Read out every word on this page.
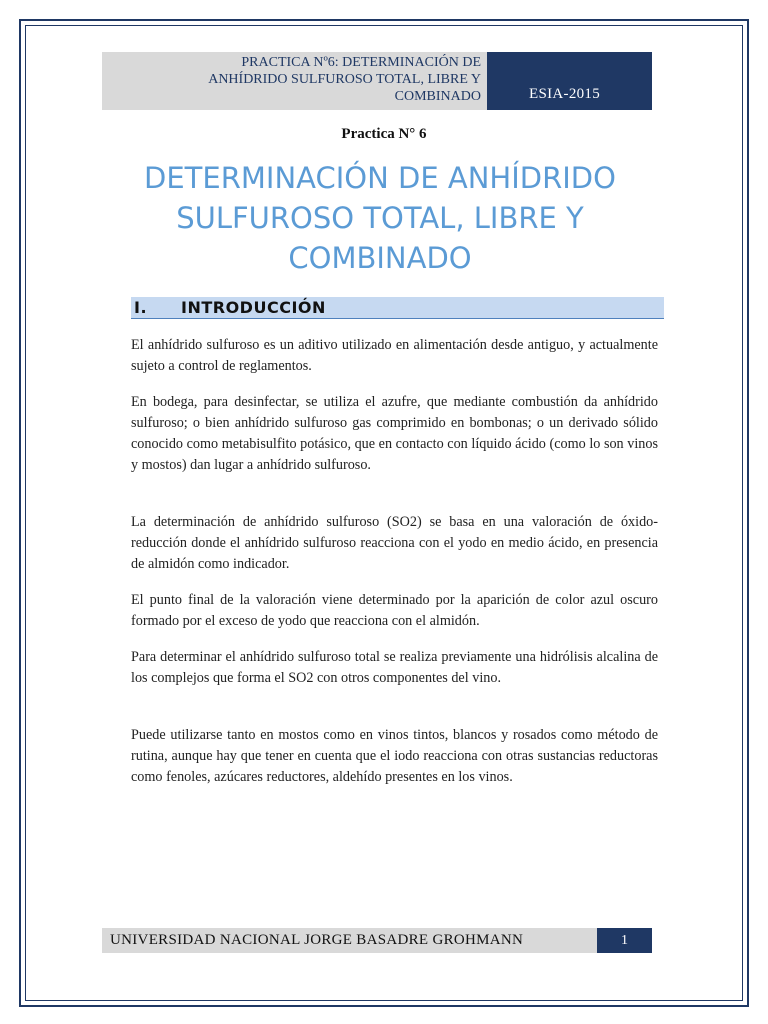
PRACTICA Nº6: DETERMINACIÓN DE
ANHÍDRIDO SULFUROSO TOTAL, LIBRE Y
COMBINADO	ESIA-2015
Practica N° 6
DETERMINACIÓN DE ANHÍDRIDO
SULFUROSO TOTAL, LIBRE Y
COMBINADO
I. INTRODUCCIÓN

El anhídrido sulfuroso es un aditivo utilizado en alimentación desde antiguo, y actualmente sujeto a control de reglamentos.

En bodega, para desinfectar, se utiliza el azufre, que mediante combustión da anhídrido sulfuroso; o bien anhídrido sulfuroso gas comprimido en bombonas; o un derivado sólido conocido como metabisulfito potásico, que en contacto con líquido ácido (como lo son vinos y mostos) dan lugar a anhídrido sulfuroso.

La determinación de anhídrido sulfuroso (SO2) se basa en una valoración de óxido-reducción donde el anhídrido sulfuroso reacciona con el yodo en medio ácido, en presencia de almidón como indicador.

El punto final de la valoración viene determinado por la aparición de color azul oscuro formado por el exceso de yodo que reacciona con el almidón.

Para determinar el anhídrido sulfuroso total se realiza previamente una hidrólisis alcalina de los complejos que forma el SO2 con otros componentes del vino.

Puede utilizarse tanto en mostos como en vinos tintos, blancos y rosados como método de rutina, aunque hay que tener en cuenta que el iodo reacciona con otras sustancias reductoras como fenoles, azúcares reductores, aldehído presentes en los vinos.

UNIVERSIDAD NACIONAL JORGE BASADRE GROHMANN	1
